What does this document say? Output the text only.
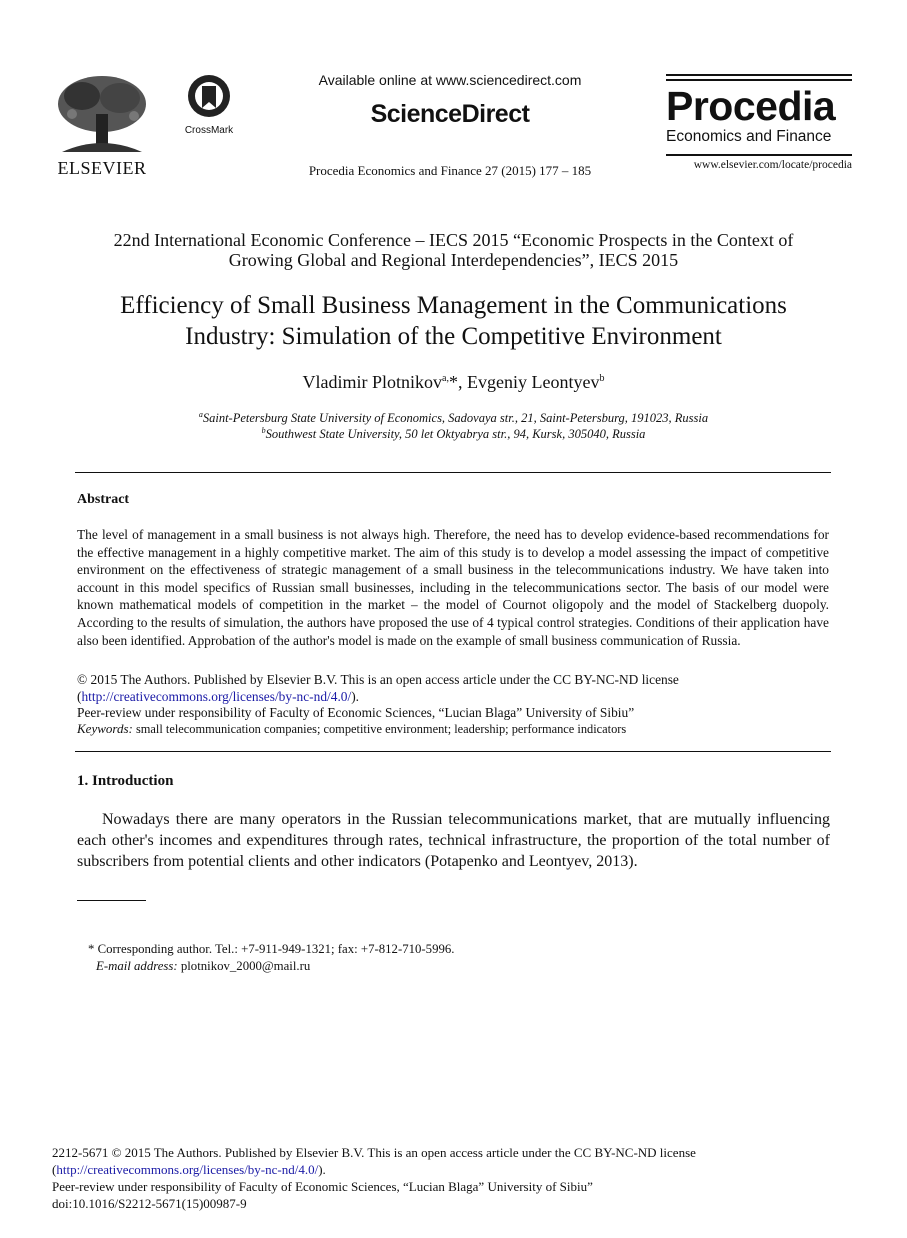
ELSEVIER
CrossMark
Available online at www.sciencedirect.com
ScienceDirect
Procedia Economics and Finance 27 (2015) 177 – 185
Procedia
Economics and Finance
www.elsevier.com/locate/procedia
22nd International Economic Conference – IECS 2015 “Economic Prospects in the Context of
Growing Global and Regional Interdependencies”, IECS 2015
Efficiency of Small Business Management in the Communications
Industry: Simulation of the Competitive Environment
Vladimir Plotnikov$^{a,}$*, Evgeniy Leontyev$^b$
$^a$Saint-Petersburg State University of Economics, Sadovaya str., 21, Saint-Petersburg, 191023, Russia
$^b$Southwest State University, 50 let Oktyabrya str., 94, Kursk, 305040, Russia
Abstract
The level of management in a small business is not always high. Therefore, the need has to develop evidence-based recommendations for the effective management in a highly competitive market. The aim of this study is to develop a model assessing the impact of competitive environment on the effectiveness of strategic management of a small business in the telecommunications industry. We have taken into account in this model specifics of Russian small businesses, including in the telecommunications sector. The basis of our model were known mathematical models of competition in the market – the model of Cournot oligopoly and the model of Stackelberg duopoly. According to the results of simulation, the authors have proposed the use of 4 typical control strategies. Conditions of their application have also been identified. Approbation of the author's model is made on the example of small business communication of Russia.
© 2015 The Authors. Published by Elsevier B.V. This is an open access article under the CC BY-NC-ND license
(http://creativecommons.org/licenses/by-nc-nd/4.0/).
Peer-review under responsibility of Faculty of Economic Sciences, “Lucian Blaga” University of Sibiu”
Keywords: small telecommunication companies; competitive environment; leadership; performance indicators
1. Introduction
Nowadays there are many operators in the Russian telecommunications market, that are mutually influencing each other's incomes and expenditures through rates, technical infrastructure, the proportion of the total number of subscribers from potential clients and other indicators (Potapenko and Leontyev, 2013).
* Corresponding author. Tel.: +7-911-949-1321; fax: +7-812-710-5996.
E-mail address: plotnikov_2000@mail.ru
2212-5671 © 2015 The Authors. Published by Elsevier B.V. This is an open access article under the CC BY-NC-ND license
(http://creativecommons.org/licenses/by-nc-nd/4.0/).
Peer-review under responsibility of Faculty of Economic Sciences, “Lucian Blaga” University of Sibiu”
doi:10.1016/S2212-5671(15)00987-9
